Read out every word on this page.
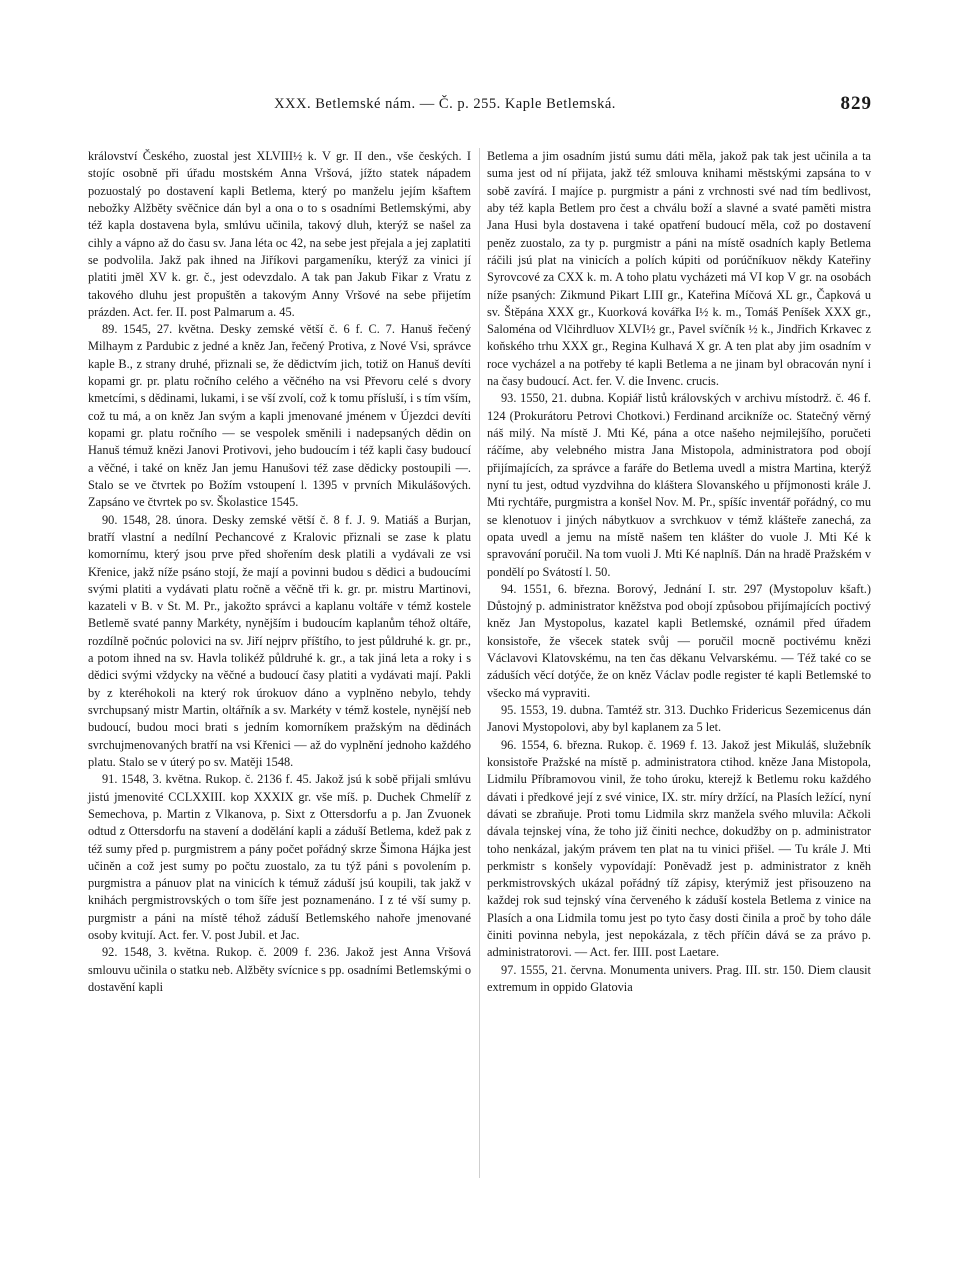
XXX. Betlemské nám. — Č. p. 255. Kaple Betlemská.	829

království Českého, zuostal jest XLVIII½ k. V gr. II den., vše českých. I stojíc osobně při úřadu mostském Anna Vršová, jížto statek nápadem pozuostalý po dostavení kapli Betlema, který po manželu jejím kšaftem nebožky Alžběty svěčnice dán byl a ona o to s osadními Betlemskými, aby též kapla dostavena byla, smlúvu učinila, takový dluh, kterýž se našel za cihly a vápno až do času sv. Jana léta oc 42, na sebe jest přejala a jej zaplatiti se podvolila. Jakž pak ihned na Jiříkovi pargameníku, kterýž za vinici jí platiti jměl XV k. gr. č., jest odevzdalo. A tak pan Jakub Fikar z Vratu z takového dluhu jest propuštěn a takovým Anny Vršové na sebe přijetím prázden. Act. fer. II. post Palmarum a. 45.

89. 1545, 27. května. Desky zemské větší č. 6 f. C. 7. Hanuš řečený Milhaym z Pardubic z jedné a kněz Jan, řečený Protiva, z Nové Vsi, správce kaple B., z strany druhé, přiznali se, že dědictvím jich, totiž on Hanuš devíti kopami gr. pr. platu ročního celého a věčného na vsi Převoru celé s dvory kmetcími, s dědinami, lukami, i se vší zvolí, což k tomu přísluší, i s tím vším, což tu má, a on kněz Jan svým a kapli jmenované jménem v Újezdci devíti kopami gr. platu ročního — se vespolek směnili i nadepsaných dědin on Hanuš témuž knězi Janovi Protivovi, jeho budoucím i též kapli časy budoucí a věčné, i také on kněz Jan jemu Hanušovi též zase dědicky postoupili —. Stalo se ve čtvrtek po Božím vstoupení l. 1395 v prvních Mikulášových. Zapsáno ve čtvrtek po sv. Školastice 1545.

90. 1548, 28. února. Desky zemské větší č. 8 f. J. 9. Matiáš a Burjan, bratří vlastní a nedílní Pechancové z Kralovic přiznali se zase k platu komornímu, který jsou prve před shořením desk platili a vydávali ze vsi Křenice, jakž níže psáno stojí, že mají a povinni budou s dědici a budoucími svými platiti a vydávati platu ročně a věčně tři k. gr. pr. mistru Martinovi, kazateli v B. v St. M. Pr., jakožto správci a kaplanu voltáře v témž kostele Betlemě svaté panny Markéty, nynějším i budoucím kaplanům téhož oltáře, rozdílně počnúc polovici na sv. Jiří nejprv příštího, to jest půldruhé k. gr. pr., a potom ihned na sv. Havla tolikéž půldruhé k. gr., a tak jiná leta a roky i s dědici svými vždycky na věčné a budoucí časy platiti a vydávati mají. Pakli by z kteréhokoli na který rok úrokuov dáno a vyplněno nebylo, tehdy svrchupsaný mistr Martin, oltářník a sv. Markéty v témž kostele, nynější neb budoucí, budou moci brati s jedním komorníkem pražským na dědinách svrchujmenovaných bratří na vsi Křenici — až do vyplnění jednoho každého platu. Stalo se v úterý po sv. Matěji 1548.

91. 1548, 3. května. Rukop. č. 2136 f. 45. Jakož jsú k sobě přijali smlúvu jistú jmenovité CCLXXIII. kop XXXIX gr. vše míš. p. Duchek Chmelíř z Semechova, p. Martin z Vlkanova, p. Sixt z Ottersdorfu a p. Jan Zvuonek odtud z Ottersdorfu na stavení a dodělání kapli a záduší Betlema, kdež pak z též sumy před p. purgmistrem a pány počet pořádný skrze Šimona Hájka jest učiněn a což jest sumy po počtu zuostalo, za tu týž páni s povolením p. purgmistra a pánuov plat na vinicích k témuž záduší jsú koupili, tak jakž v knihách pergmistrovských o tom šíře jest poznamenáno. I z té vší sumy p. purgmistr a páni na místě téhož záduší Betlemského nahoře jmenované osoby kvitují. Act. fer. V. post Jubil. et Jac.

92. 1548, 3. května. Rukop. č. 2009 f. 236. Jakož jest Anna Vršová smlouvu učinila o statku neb. Alžběty svícnice s pp. osadními Betlemskými o dostavění kapli

Betlema a jim osadním jistú sumu dáti měla, jakož pak tak jest učinila a ta suma jest od ní přijata, jakž též smlouva knihami městskými zapsána to v sobě zavírá. I majíce p. purgmistr a páni z vrchnosti své nad tím bedlivost, aby též kapla Betlem pro čest a chválu boží a slavné a svaté paměti mistra Jana Husi byla dostavena i také opatření budoucí měla, což po dostavení peněz zuostalo, za ty p. purgmistr a páni na místě osadních kaply Betlema ráčili jsú plat na vinicích a polích kúpiti od porúčníkuov někdy Kateřiny Syrovcové za CXX k. m. A toho platu vycházeti má VI kop V gr. na osobách níže psaných: Zikmund Pikart LIII gr., Kateřina Míčová XL gr., Čapková u sv. Štěpána XXX gr., Kuorková kovářka I½ k. m., Tomáš Peníšek XXX gr., Saloména od Vlčihrdluov XLVI½ gr., Pavel svíčník ½ k., Jindřich Krkavec z koňského trhu XXX gr., Regina Kulhavá X gr. A ten plat aby jim osadním v roce vycházel a na potřeby té kapli Betlema a ne jinam byl obracován nyní i na časy budoucí. Act. fer. V. die Invenc. crucis.

93. 1550, 21. dubna. Kopiář listů královských v archivu místodrž. č. 46 f. 124 (Prokurátoru Petrovi Chotkovi.) Ferdinand arcikníže oc. Statečný věrný náš milý. Na místě J. Mti Ké, pána a otce našeho nejmilejšího, poručeti ráčíme, aby velebného mistra Jana Mistopola, administratora pod obojí přijímajících, za správce a faráře do Betlema uvedl a mistra Martina, kterýž nyní tu jest, odtud vyzdvihna do kláštera Slovanského u příjmonosti krále J. Mti rychtáře, purgmistra a konšel Nov. M. Pr., spíšíc inventář pořádný, co mu se klenotuov i jiných nábytkuov a svrchkuov v témž klášteře zanechá, za opata uvedl a jemu na místě našem ten klášter do vuole J. Mti Ké k spravování poručil. Na tom vuoli J. Mti Ké naplníš. Dán na hradě Pražském v pondělí po Svátostí l. 50.

94. 1551, 6. března. Borový, Jednání I. str. 297 (Mystopoluv kšaft.) Důstojný p. administrator kněžstva pod obojí způsobou přijímajících poctivý kněz Jan Mystopolus, kazatel kapli Betlemské, oznámil před úřadem konsistoře, že všecek statek svůj — poručil mocně poctivému knězi Václavovi Klatovskému, na ten čas děkanu Velvarskému. — Též také co se záduších věcí dotýče, že on kněz Václav podle register té kapli Betlemské to všecko má vypraviti.

95. 1553, 19. dubna. Tamtéž str. 313. Duchko Fridericus Sezemicenus dán Janovi Mystopolovi, aby byl kaplanem za 5 let.

96. 1554, 6. března. Rukop. č. 1969 f. 13. Jakož jest Mikuláš, služebník konsistoře Pražské na místě p. administratora ctihod. kněze Jana Mistopola, Lidmilu Příbramovou vinil, že toho úroku, kterejž k Betlemu roku každého dávati i předkové její z své vinice, IX. str. míry držící, na Plasích ležící, nyní dávati se zbraňuje. Proti tomu Lidmila skrz manžela svého mluvila: Ačkoli dávala tejnskej vína, že toho již činiti nechce, dokudžby on p. administrator toho nenkázal, jakým právem ten plat na tu vinici přišel. — Tu krále J. Mti perkmistr s konšely vypovídají: Poněvadž jest p. administrator z kněh perkmistrovských ukázal pořádný tíž zápisy, kterýmiž jest přisouzeno na každej rok sud tejnský vína červeného k záduší kostela Betlema z vinice na Plasích a ona Lidmila tomu jest po tyto časy dosti činila a proč by toho dále činiti povinna nebyla, jest nepokázala, z těch příčin dává se za právo p. administratorovi. — Act. fer. IIII. post Laetare.

97. 1555, 21. června. Monumenta univers. Prag. III. str. 150. Diem clausit extremum in oppido Glatovia
